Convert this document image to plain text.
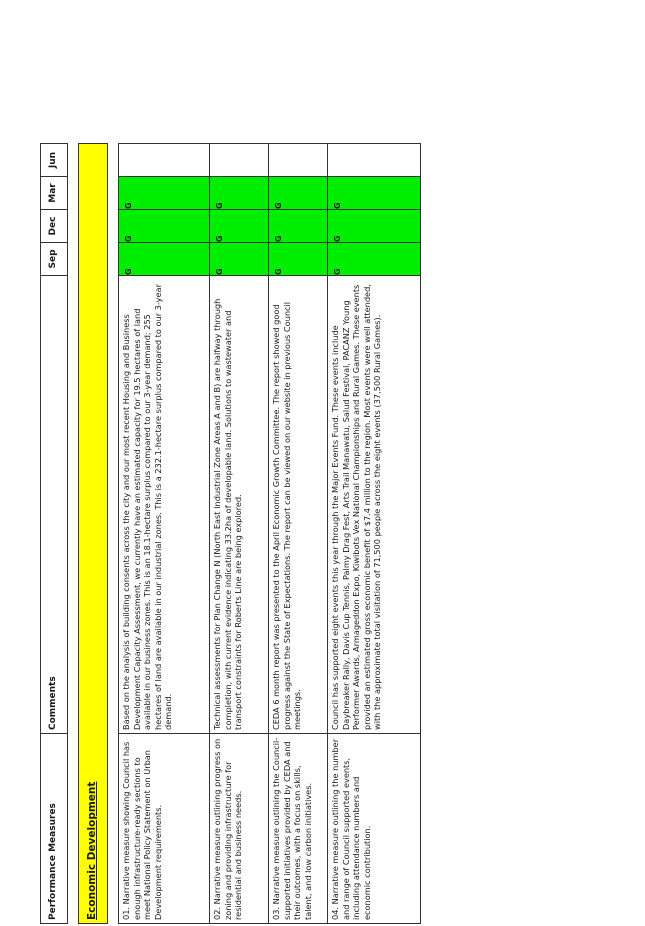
Performance Measures	Comments	Sep	Dec	Mar	Jun

Economic Development					

01. Narrative measure showing Council has enough infrastructure-ready sections to meet National Policy Statement on Urban Development requirements.	Based on the analysis of building consents across the city and our most recent Housing and Business Development Capacity Assessment, we currently have an estimated capacity for 19.5 hectares of land available in our business zones. This is an 18.1-hectare surplus compared to our 3-year demand; 255 hectares of land are available in our industrial zones. This is a 232.1-hectare surplus compared to our 3-year demand.	G	G	G	
02. Narrative measure outlining progress on zoning and providing infrastructure for residential and business needs.	Technical assessments for Plan Change N (North East Industrial Zone Areas A and B) are halfway through completion, with current evidence indicating 33.2ha of developable land. Solutions to wastewater and transport constraints for Roberts Line are being explored.	G	G	G	
03. Narrative measure outlining the Council-supported initiatives provided by CEDA and their outcomes, with a focus on skills, talent, and low carbon initiatives.	CEDA 6 month report was presented to the April Economic Growth Committee. The report showed good progress against the State of Expectations. The report can be viewed on our website in previous Council meetings.	G	G	G	
04. Narrative measure outlining the number and range of Council supported events, including attendance numbers and economic contribution.	Council has supported eight events this year through the Major Events Fund. These events include Daybreaker Rally, Davis Cup Tennis, Palmy Drag Fest, Arts Trail Manawatu, Salud Festival, PACANZ Young Performer Awards, Armageddon Expo, Kiwibots Vex National Championships and Rural Games. These events provided an estimated gross economic benefit of $7.4 million to the region. Most events were well attended, with the approximate total visitation of 71,500 people across the eight events (37,500 Rural Games).	G	G	G	
